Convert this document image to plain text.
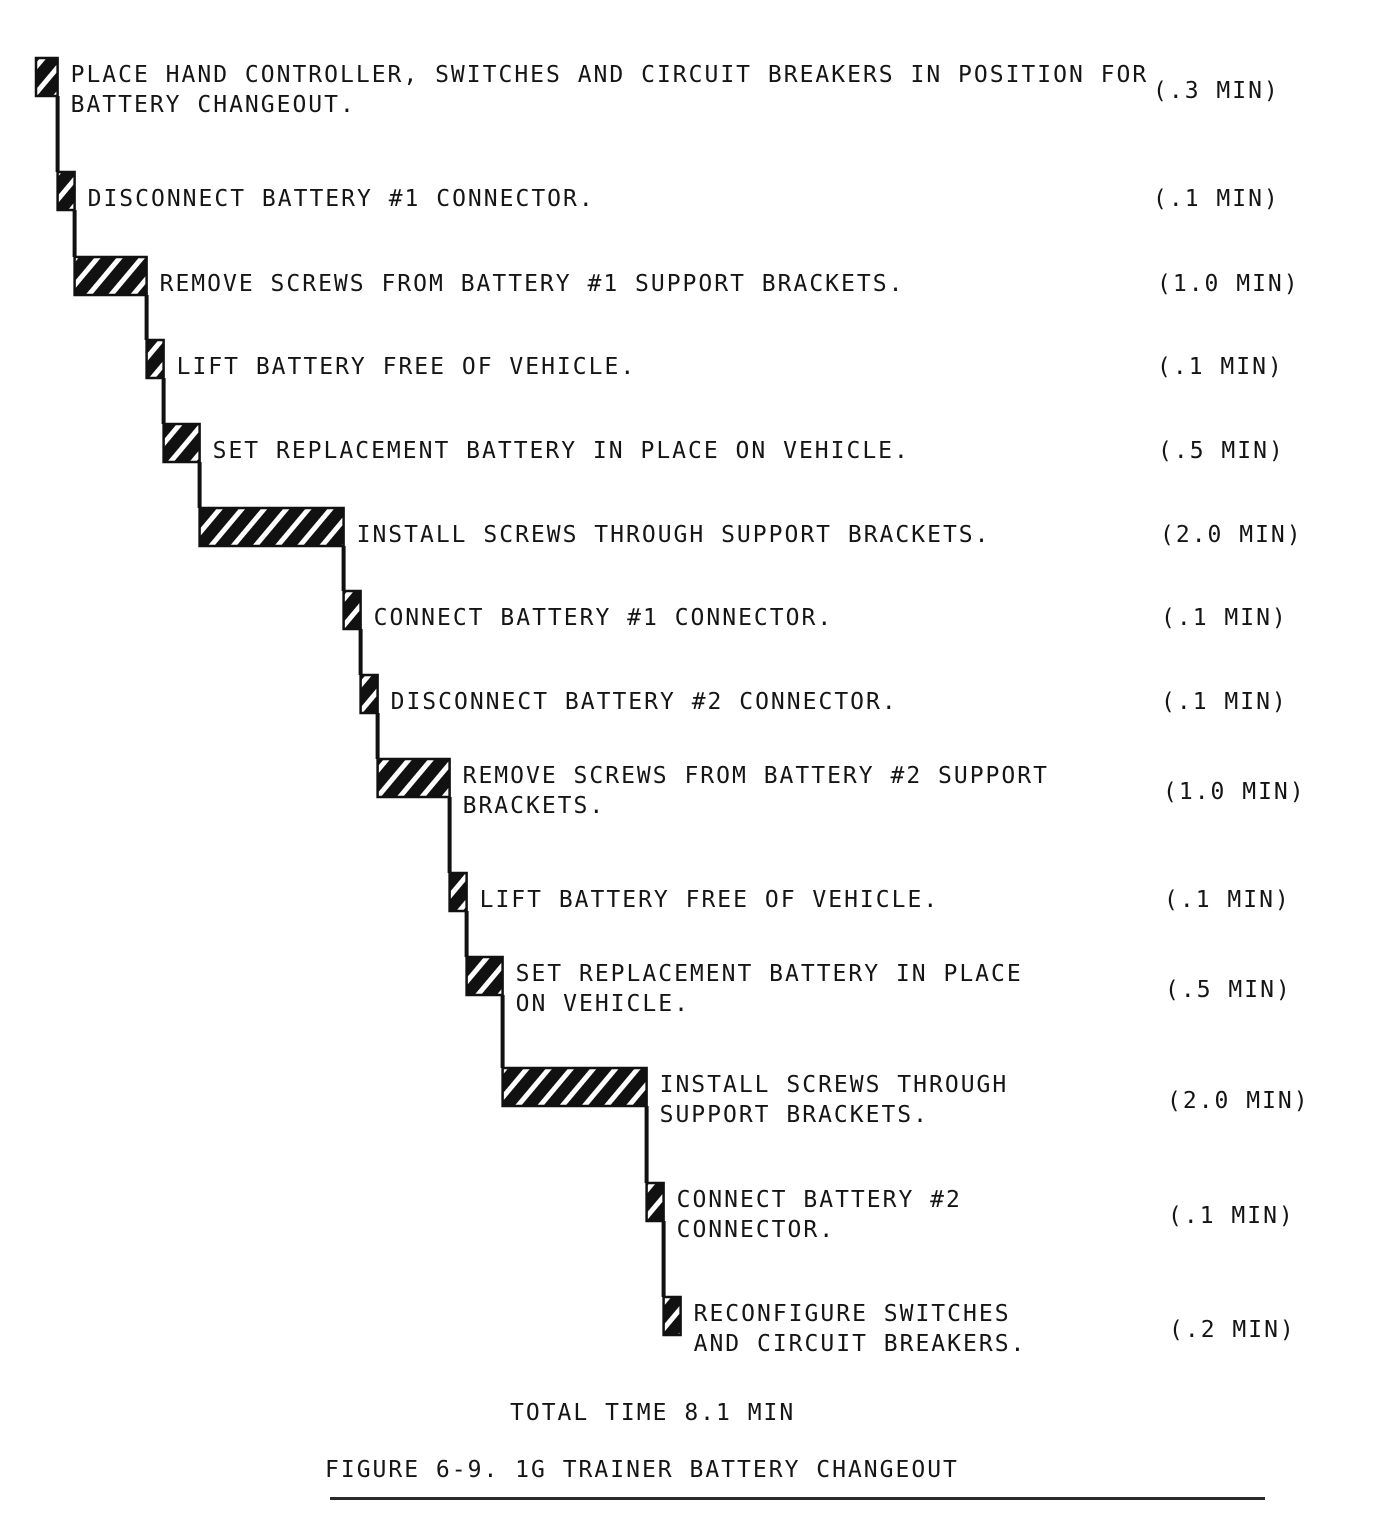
PLACE HAND CONTROLLER, SWITCHES AND CIRCUIT BREAKERS IN POSITION FOR
BATTERY CHANGEOUT.
(.3 MIN)
DISCONNECT BATTERY #1 CONNECTOR.	(.1 MIN)
REMOVE SCREWS FROM BATTERY #1 SUPPORT BRACKETS.	(1.0 MIN)
LIFT BATTERY FREE OF VEHICLE.	(.1 MIN)
SET REPLACEMENT BATTERY IN PLACE ON VEHICLE.	(.5 MIN)
INSTALL SCREWS THROUGH SUPPORT BRACKETS.	(2.0 MIN)
CONNECT BATTERY #1 CONNECTOR.	(.1 MIN)
DISCONNECT BATTERY #2 CONNECTOR.	(.1 MIN)
REMOVE SCREWS FROM BATTERY #2 SUPPORT
BRACKETS.
(1.0 MIN)
LIFT BATTERY FREE OF VEHICLE.	(.1 MIN)
SET REPLACEMENT BATTERY IN PLACE
ON VEHICLE.
(.5 MIN)
INSTALL SCREWS THROUGH
SUPPORT BRACKETS.
(2.0 MIN)
CONNECT BATTERY #2
CONNECTOR.
(.1 MIN)
RECONFIGURE SWITCHES
AND CIRCUIT BREAKERS.
(.2 MIN)
TOTAL TIME 8.1 MIN
FIGURE 6-9. 1G TRAINER BATTERY CHANGEOUT
